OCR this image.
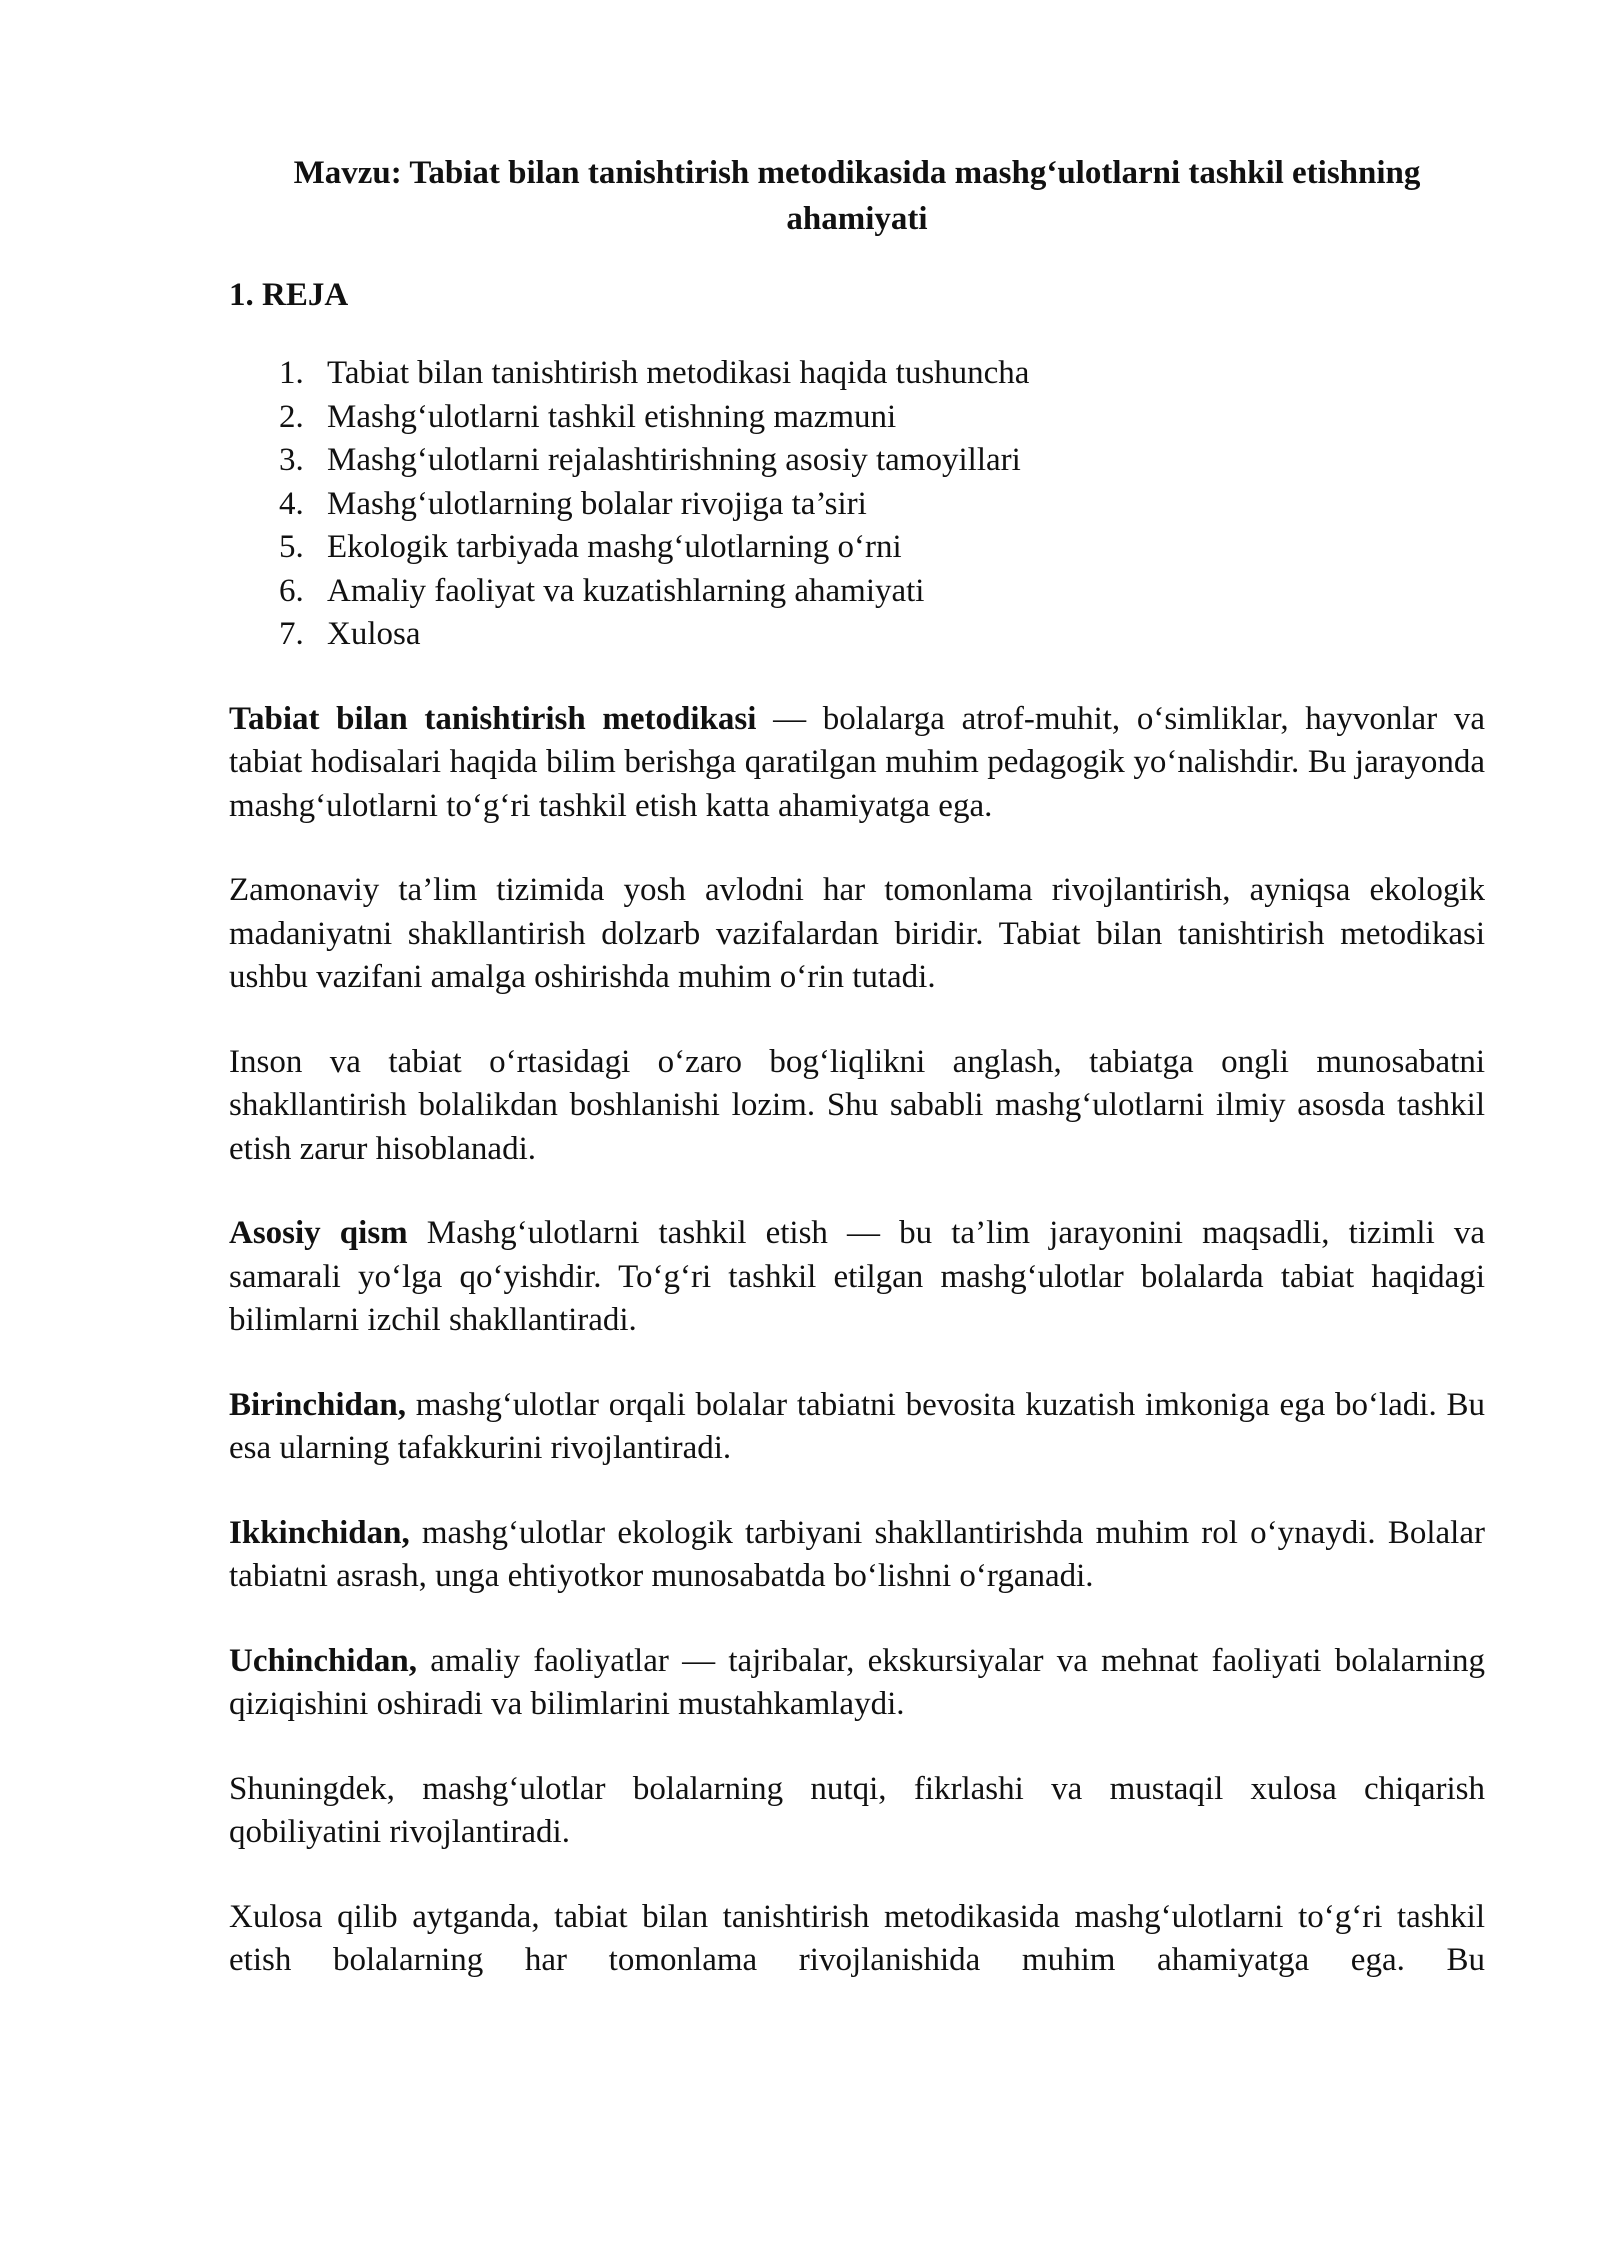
Mavzu: Tabiat bilan tanishtirish metodikasida mashg‘ulotlarni tashkil etishning ahamiyati
1. REJA
1. Tabiat bilan tanishtirish metodikasi haqida tushuncha
2. Mashg‘ulotlarni tashkil etishning mazmuni
3. Mashg‘ulotlarni rejalashtirishning asosiy tamoyillari
4. Mashg‘ulotlarning bolalar rivojiga ta’siri
5. Ekologik tarbiyada mashg‘ulotlarning o‘rni
6. Amaliy faoliyat va kuzatishlarning ahamiyati
7. Xulosa

Tabiat bilan tanishtirish metodikasi — bolalarga atrof-muhit, o‘simliklar, hayvonlar va tabiat hodisalari haqida bilim berishga qaratilgan muhim pedagogik yo‘nalishdir. Bu jarayonda mashg‘ulotlarni to‘g‘ri tashkil etish katta ahamiyatga ega.

Zamonaviy ta’lim tizimida yosh avlodni har tomonlama rivojlantirish, ayniqsa ekologik madaniyatni shakllantirish dolzarb vazifalardan biridir. Tabiat bilan tanishtirish metodikasi ushbu vazifani amalga oshirishda muhim o‘rin tutadi.

Inson va tabiat o‘rtasidagi o‘zaro bog‘liqlikni anglash, tabiatga ongli munosabatni shakllantirish bolalikdan boshlanishi lozim. Shu sababli mashg‘ulotlarni ilmiy asosda tashkil etish zarur hisoblanadi.

Asosiy qism Mashg‘ulotlarni tashkil etish — bu ta’lim jarayonini maqsadli, tizimli va samarali yo‘lga qo‘yishdir. To‘g‘ri tashkil etilgan mashg‘ulotlar bolalarda tabiat haqidagi bilimlarni izchil shakllantiradi.

Birinchidan, mashg‘ulotlar orqali bolalar tabiatni bevosita kuzatish imkoniga ega bo‘ladi. Bu esa ularning tafakkurini rivojlantiradi.

Ikkinchidan, mashg‘ulotlar ekologik tarbiyani shakllantirishda muhim rol o‘ynaydi. Bolalar tabiatni asrash, unga ehtiyotkor munosabatda bo‘lishni o‘rganadi.

Uchinchidan, amaliy faoliyatlar — tajribalar, ekskursiyalar va mehnat faoliyati bolalarning qiziqishini oshiradi va bilimlarini mustahkamlaydi.

Shuningdek, mashg‘ulotlar bolalarning nutqi, fikrlashi va mustaqil xulosa chiqarish qobiliyatini rivojlantiradi.

Xulosa qilib aytganda, tabiat bilan tanishtirish metodikasida mashg‘ulotlarni to‘g‘ri tashkil etish bolalarning har tomonlama rivojlanishida muhim ahamiyatga ega. Bu
